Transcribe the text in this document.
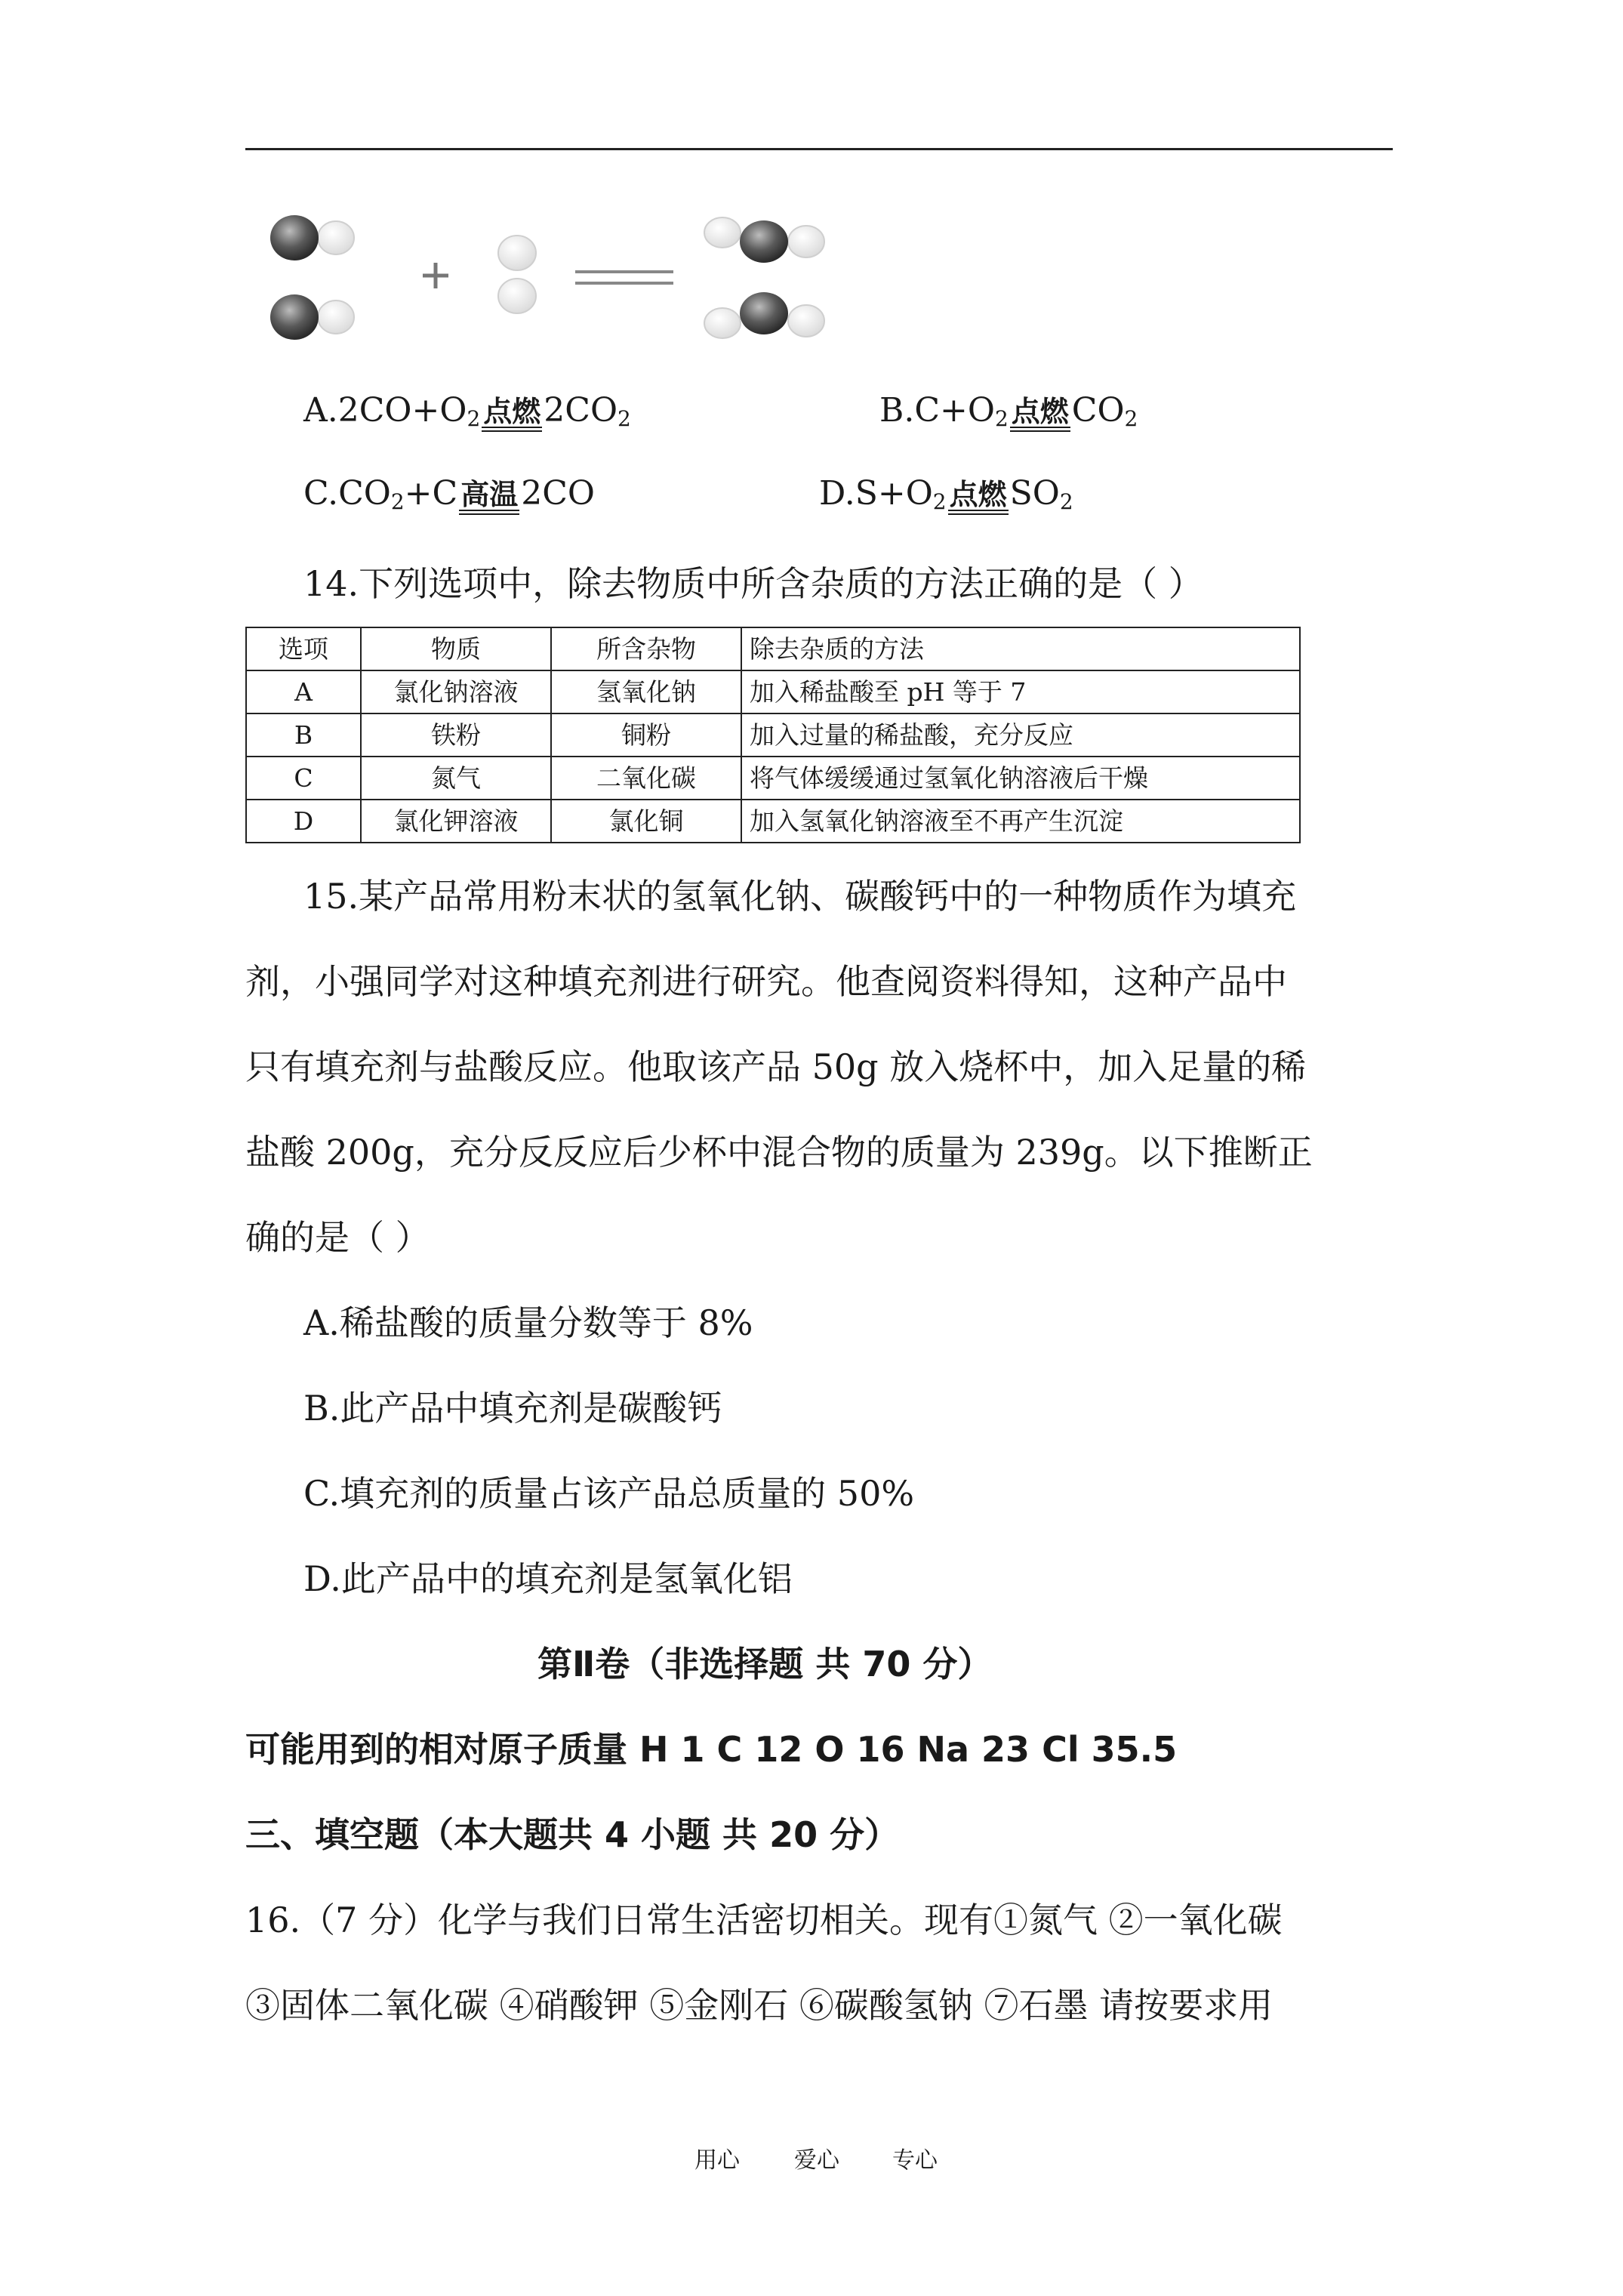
$A.2CO+O_2$ 点燃$2CO_2$	$B.C+O_2$ 点燃$CO_2$
$C.CO_2+C$ 高温2CO	$D.S+O_2$ 点燃$SO_2$
14.下列选项中，除去物质中所含杂质的方法正确的是（ ）
选项	物质	所含杂物	除去杂质的方法
A	氯化钠溶液	氢氧化钠	加入稀盐酸至 pH 等于 7
B	铁粉	铜粉	加入过量的稀盐酸，充分反应
C	氮气	二氧化碳	将气体缓缓通过氢氧化钠溶液后干燥
D	氯化钾溶液	氯化铜	加入氢氧化钠溶液至不再产生沉淀
15.某产品常用粉末状的氢氧化钠、碳酸钙中的一种物质作为填充
剂，小强同学对这种填充剂进行研究。他查阅资料得知，这种产品中
只有填充剂与盐酸反应。他取该产品 50g 放入烧杯中，加入足量的稀
盐酸 200g，充分反反应后少杯中混合物的质量为 239g。以下推断正
确的是（ ）
A.稀盐酸的质量分数等于 8%
B.此产品中填充剂是碳酸钙
C.填充剂的质量占该产品总质量的 50%
D.此产品中的填充剂是氢氧化铝
第Ⅱ卷（非选择题 共 70 分）
可能用到的相对原子质量 H 1 C 12 O 16 Na 23 Cl 35.5
三、填空题（本大题共 4 小题 共 20 分）
16.（7 分）化学与我们日常生活密切相关。现有①氮气 ②一氧化碳
③固体二氧化碳 ④硝酸钾 ⑤金刚石 ⑥碳酸氢钠 ⑦石墨 请按要求用
用心 爱心 专心
